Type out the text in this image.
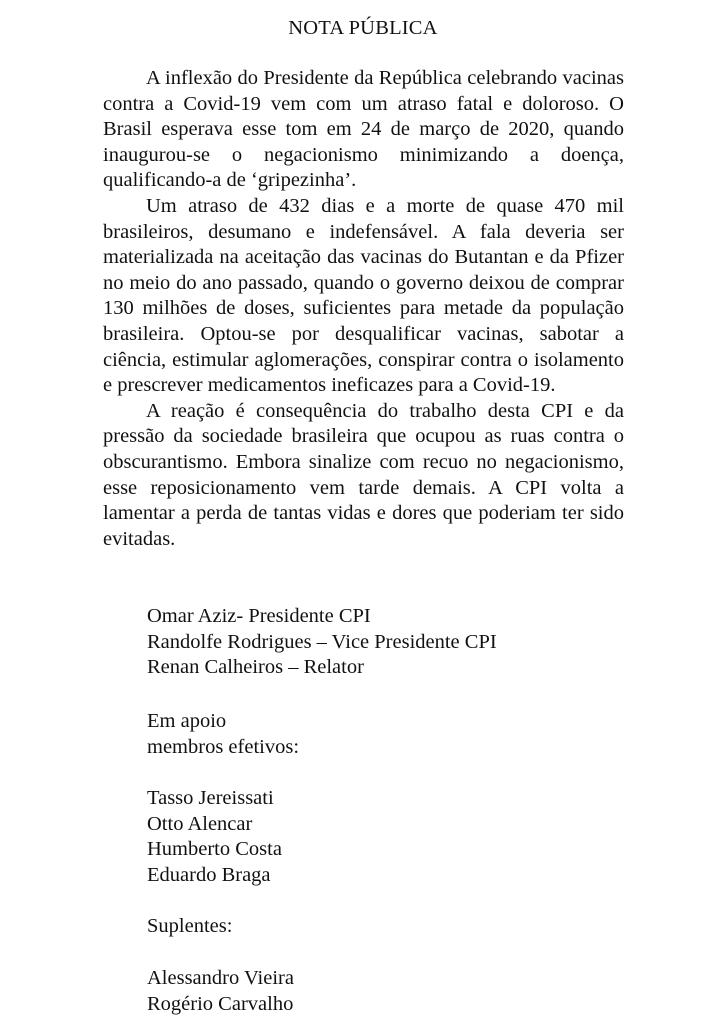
NOTA PÚBLICA

A inflexão do Presidente da República celebrando vacinas contra a Covid-19 vem com um atraso fatal e doloroso. O Brasil esperava esse tom em 24 de março de 2020, quando inaugurou-se o negacionismo minimizando a doença, qualificando-a de ‘gripezinha’.

Um atraso de 432 dias e a morte de quase 470 mil brasileiros, desumano e indefensável. A fala deveria ser materializada na aceitação das vacinas do Butantan e da Pfizer no meio do ano passado, quando o governo deixou de comprar 130 milhões de doses, suficientes para metade da população brasileira. Optou-se por desqualificar vacinas, sabotar a ciência, estimular aglomerações, conspirar contra o isolamento e prescrever medicamentos ineficazes para a Covid-19.

A reação é consequência do trabalho desta CPI e da pressão da sociedade brasileira que ocupou as ruas contra o obscurantismo. Embora sinalize com recuo no negacionismo, esse reposicionamento vem tarde demais. A CPI volta a lamentar a perda de tantas vidas e dores que poderiam ter sido evitadas.

Omar Aziz- Presidente CPI
Randolfe Rodrigues – Vice Presidente CPI
Renan Calheiros – Relator
Em apoio
membros efetivos:
Tasso Jereissati
Otto Alencar
Humberto Costa
Eduardo Braga
Suplentes:
Alessandro Vieira
Rogério Carvalho
